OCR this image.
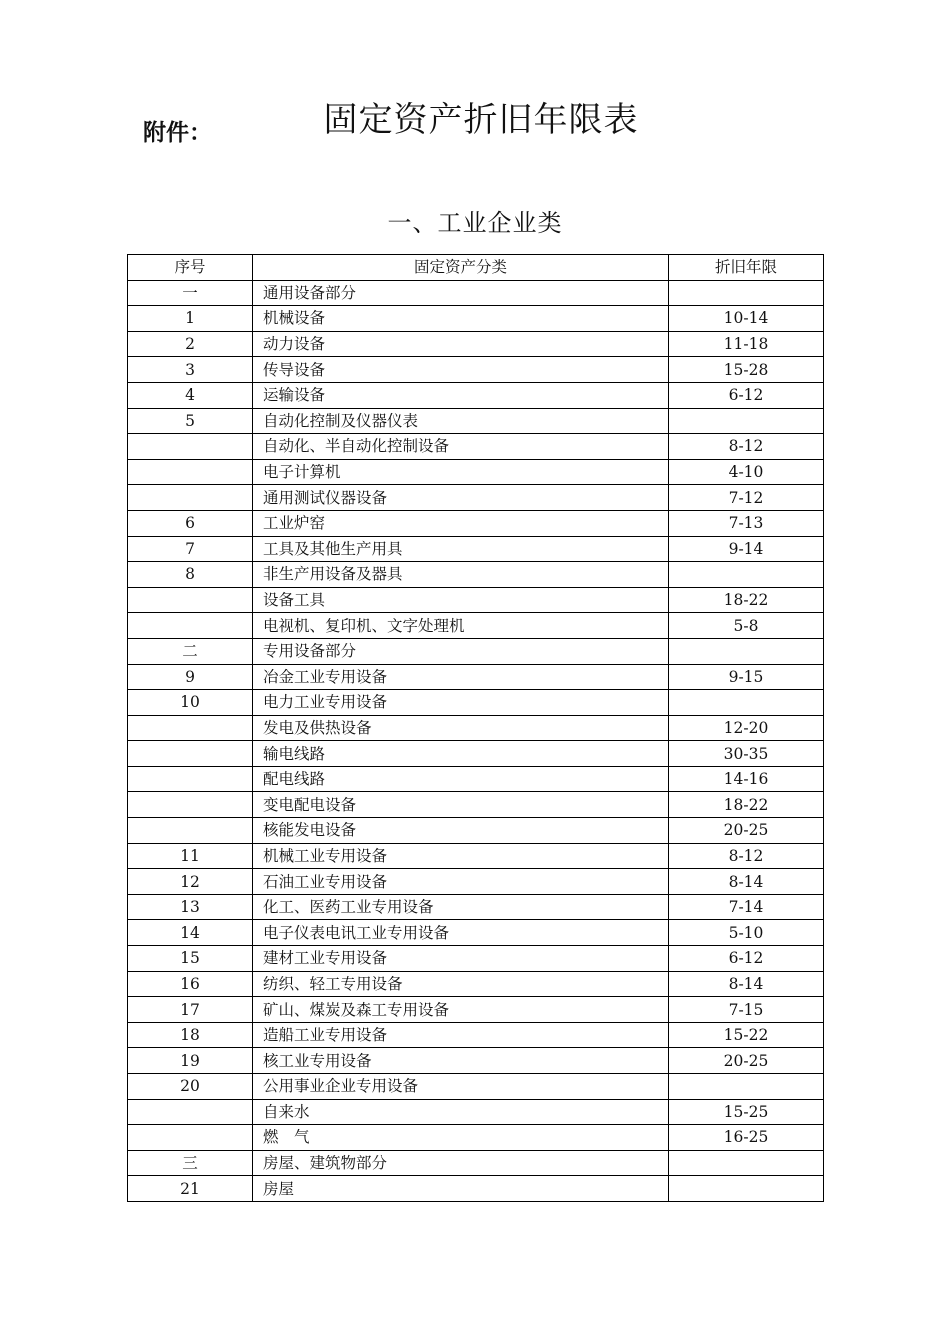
附件：	固定资产折旧年限表
一、工业企业类
序号	固定资产分类	折旧年限
一	通用设备部分	
1	机械设备	10-14
2	动力设备	11-18
3	传导设备	15-28
4	运输设备	6-12
5	自动化控制及仪器仪表	
	自动化、半自动化控制设备	8-12
	电子计算机	4-10
	通用测试仪器设备	7-12
6	工业炉窑	7-13
7	工具及其他生产用具	9-14
8	非生产用设备及器具	
	设备工具	18-22
	电视机、复印机、文字处理机	5-8
二	专用设备部分	
9	冶金工业专用设备	9-15
10	电力工业专用设备	
	发电及供热设备	12-20
	输电线路	30-35
	配电线路	14-16
	变电配电设备	18-22
	核能发电设备	20-25
11	机械工业专用设备	8-12
12	石油工业专用设备	8-14
13	化工、医药工业专用设备	7-14
14	电子仪表电讯工业专用设备	5-10
15	建材工业专用设备	6-12
16	纺织、轻工专用设备	8-14
17	矿山、煤炭及森工专用设备	7-15
18	造船工业专用设备	15-22
19	核工业专用设备	20-25
20	公用事业企业专用设备	
	自来水	15-25
	燃　气	16-25
三	房屋、建筑物部分	
21	房屋	
